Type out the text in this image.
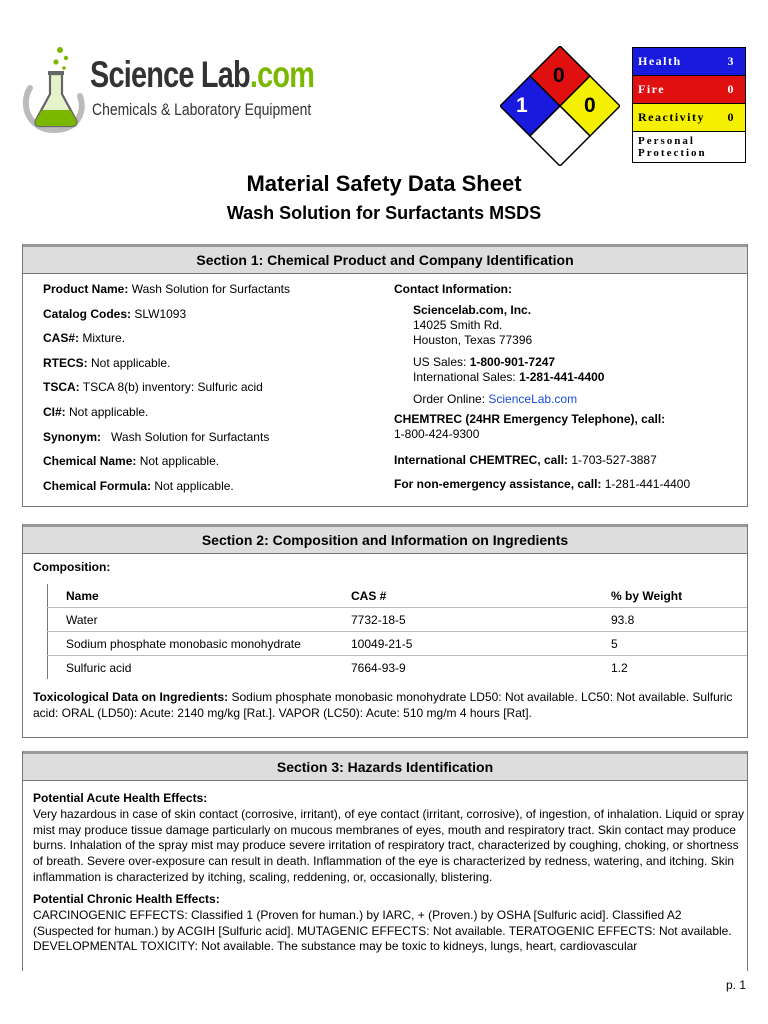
Science Lab.com
Chemicals & Laboratory Equipment
0
1	0
Health	3
Fire	0
Reactivity 0
Personal
Protection
Material Safety Data Sheet
Wash Solution for Surfactants MSDS
Section 1: Chemical Product and Company Identification
Product Name: Wash Solution for Surfactants
Catalog Codes: SLW1093
CAS#: Mixture.
RTECS: Not applicable.
TSCA: TSCA 8(b) inventory: Sulfuric acid
CI#: Not applicable.
Synonym:   Wash Solution for Surfactants
Chemical Name: Not applicable.
Chemical Formula: Not applicable.
Contact Information:
Sciencelab.com, Inc.
14025 Smith Rd.
Houston, Texas 77396
US Sales: 1-800-901-7247
International Sales: 1-281-441-4400
Order Online: ScienceLab.com
CHEMTREC (24HR Emergency Telephone), call:
1-800-424-9300
International CHEMTREC, call: 1-703-527-3887
For non-emergency assistance, call: 1-281-441-4400
Section 2: Composition and Information on Ingredients
Composition:
Name	CAS #	% by Weight
Water	7732-18-5	93.8
Sodium phosphate monobasic monohydrate	10049-21-5	5
Sulfuric acid	7664-93-9	1.2
Toxicological Data on Ingredients: Sodium phosphate monobasic monohydrate LD50: Not available. LC50: Not available. Sulfuric acid: ORAL (LD50): Acute: 2140 mg/kg [Rat.]. VAPOR (LC50): Acute: 510 mg/m 4 hours [Rat].
Section 3: Hazards Identification
Potential Acute Health Effects:
Very hazardous in case of skin contact (corrosive, irritant), of eye contact (irritant, corrosive), of ingestion, of inhalation. Liquid or spray mist may produce tissue damage particularly on mucous membranes of eyes, mouth and respiratory tract. Skin contact may produce burns. Inhalation of the spray mist may produce severe irritation of respiratory tract, characterized by coughing, choking, or shortness of breath. Severe over-exposure can result in death. Inflammation of the eye is characterized by redness, watering, and itching. Skin inflammation is characterized by itching, scaling, reddening, or, occasionally, blistering.
Potential Chronic Health Effects:
CARCINOGENIC EFFECTS: Classified 1 (Proven for human.) by IARC, + (Proven.) by OSHA [Sulfuric acid]. Classified A2 (Suspected for human.) by ACGIH [Sulfuric acid]. MUTAGENIC EFFECTS: Not available. TERATOGENIC EFFECTS: Not available. DEVELOPMENTAL TOXICITY: Not available. The substance may be toxic to kidneys, lungs, heart, cardiovascular
p. 1
